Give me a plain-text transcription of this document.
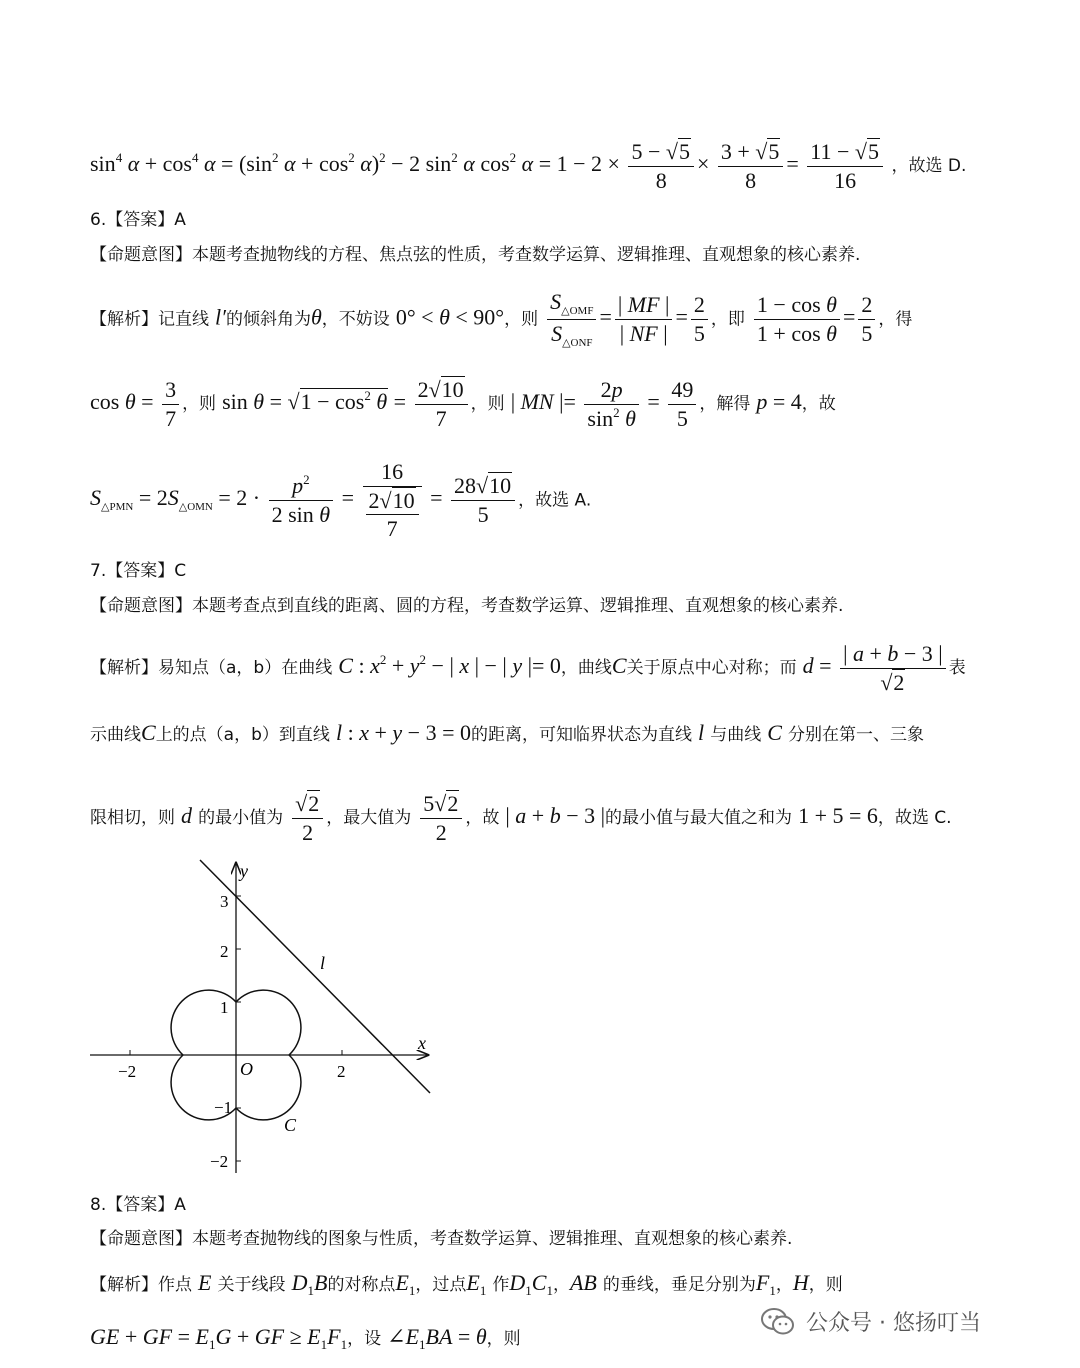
$\sin^4 \alpha + \cos^4 \alpha = (\sin^2$ $\alpha + \cos^2 \alpha)^2 - 2$ $\sin^2 \alpha$ $\cos^2 \alpha = 1 - 2 \times \frac{5 - √5}{8} \times \frac{3 + √5}{8} = \frac{11 - √5}{16}$ ，故选 D.
6.【答案】A
【命题意图】本题考查抛物线的方程、焦点弦的性质，考查数学运算、逻辑推理、直观想象的核心素养.
【解析】记直线 l′的倾斜角为θ，不妨设 0° < θ < 90°，则 $\frac{S_{\triangle OMF}}{S_{\triangle ONF}} = \frac{| MF |}{| NF |} = \frac{2}{5}$ ，即 $\frac{\text{1 − cos θ}}{\text{1 + cos θ}} = \frac{2}{5}$ ，得
$\cos \theta = \frac{3}{7}$ ，则 $\sin \theta = √1 - \cos^2 \theta = \frac{2√10}{7}$ ，则 | MN |= $\frac{2p}{\sin^2 \theta} = \frac{49}{5}$ ，解得 p = 4，故
$S_{\triangle PMN} = 2S_{\triangle OMN} = 2 \cdot \frac{p^2}{\text{2 sin θ}} = \frac{16}{\frac{2√10}{7}} = \frac{28√10}{5}$ ，故选 A.
7.【答案】C
【命题意图】本题考查点到直线的距离、圆的方程，考查数学运算、逻辑推理、直观想象的核心素养.
【解析】易知点（a，b）在曲线 C : $x^2 + y^2$ − | x | − | y |= 0，曲线C关于原点中心对称；而 $d = \frac{| a + b - 3 |}{√2}$ 表
示曲线C上的点（a，b）到直线 l : x + y − 3 = 0的距离，可知临界状态为直线 l 与曲线 C 分别在第一、三象
限相切，则 d 的最小值为 $\frac{√2}{2}$ ，最大值为 $\frac{5√2}{2}$ ，故 | a + b − 3 |的最小值与最大值之和为 1 + 5 = 6，故选 C.
x
y
O
l
C
−2	2
3
2
1
−1
−2
8.【答案】A
【命题意图】本题考查抛物线的图象与性质，考查数学运算、逻辑推理、直观想象的核心素养.
【解析】作点 E 关于线段 $D_1B$的对称点$E_1$，过点$E_1$ 作$D_1C_1$，AB 的垂线，垂足分别为$F_1$，H，则
GE + GF = $E_1G$ + GF ≥ $E_1F_1$，设 $\angle E_1BA = \theta$，则
公众号 · 悠扬叮当
